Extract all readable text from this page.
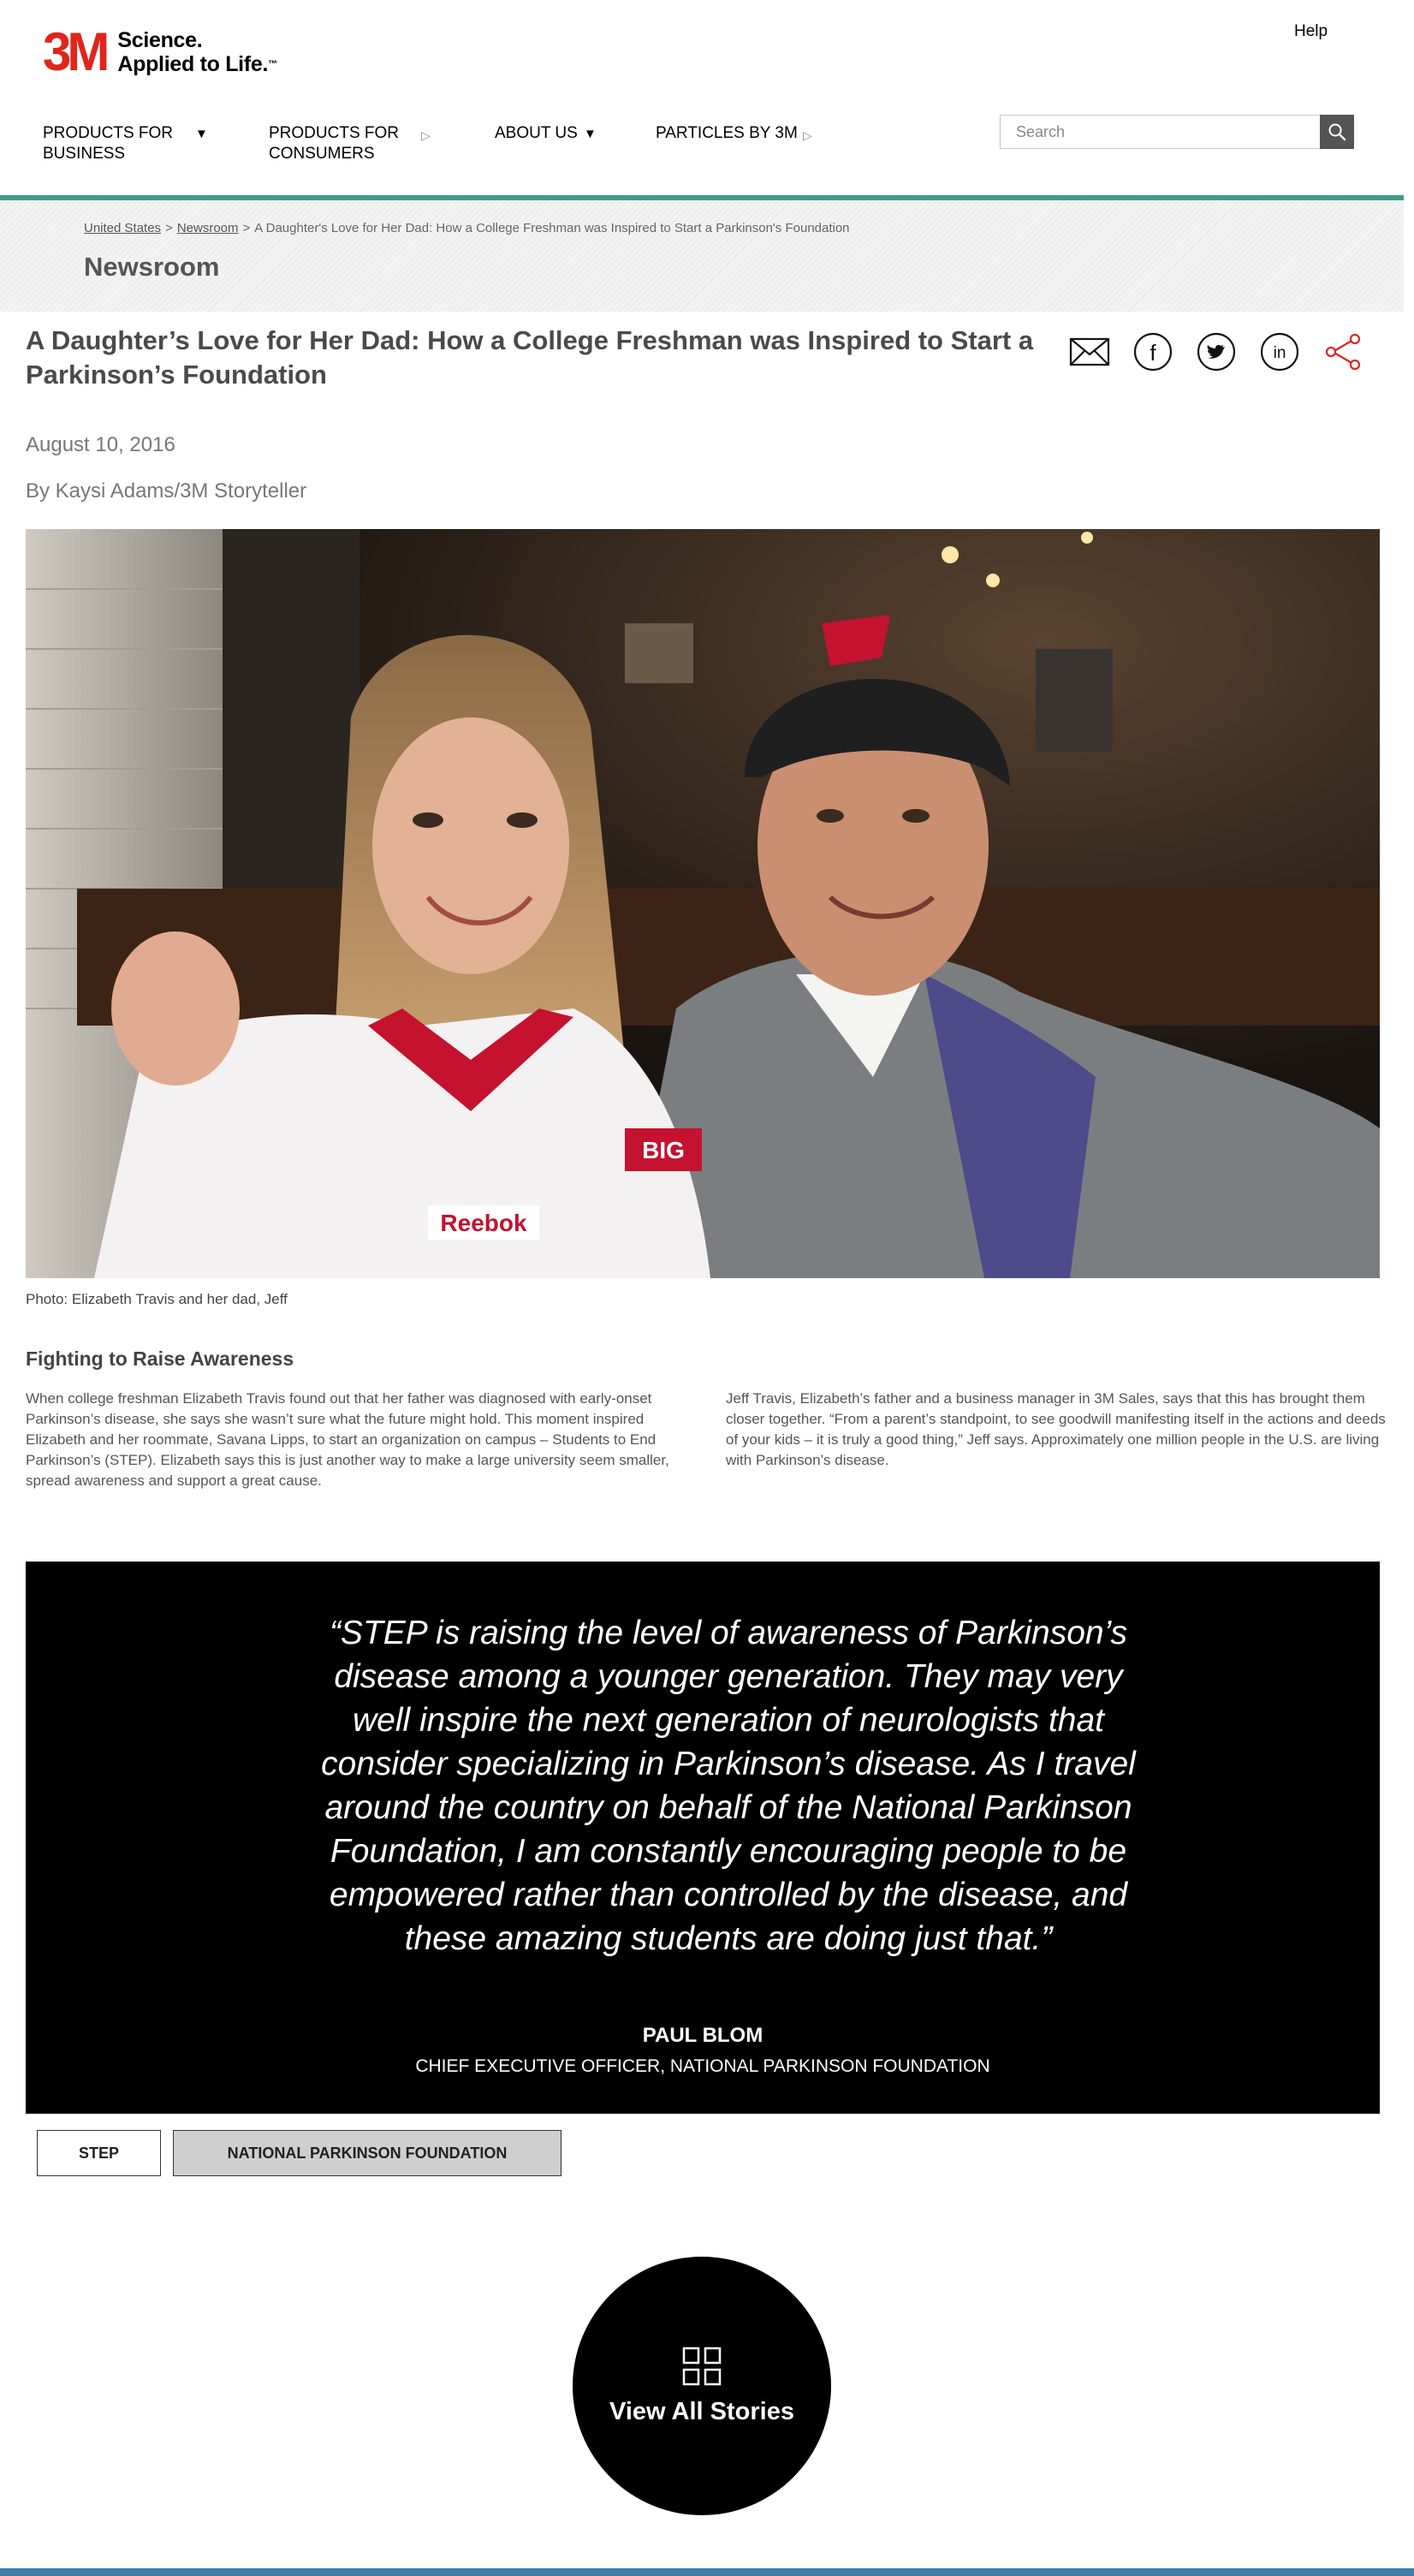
3M Science.
Applied to Life.™
Help
PRODUCTS FOR
BUSINESS
▼	PRODUCTS FOR
CONSUMERS
▷	ABOUT US ▼	PARTICLES BY 3M ▷
Search
United States > Newsroom > A Daughter's Love for Her Dad: How a College Freshman was Inspired to Start a Parkinson's Foundation
Newsroom
A Daughter’s Love for Her Dad: How a College Freshman was Inspired to Start a Parkinson’s Foundation
f	in
August 10, 2016
By Kaysi Adams/3M Storyteller
BIG
Reebok
Photo: Elizabeth Travis and her dad, Jeff
Fighting to Raise Awareness

When college freshman Elizabeth Travis found out that her father was diagnosed with early-onset Parkinson’s disease, she says she wasn’t sure what the future might hold. This moment inspired Elizabeth and her roommate, Savana Lipps, to start an organization on campus – Students to End Parkinson’s (STEP). Elizabeth says this is just another way to make a large university seem smaller, spread awareness and support a great cause.

Jeff Travis, Elizabeth’s father and a business manager in 3M Sales, says that this has brought them closer together. “From a parent’s standpoint, to see goodwill manifesting itself in the actions and deeds of your kids – it is truly a good thing,” Jeff says. Approximately one million people in the U.S. are living with Parkinson’s disease.

“STEP is raising the level of awareness of Parkinson’s disease among a younger generation. They may very well inspire the next generation of neurologists that consider specializing in Parkinson’s disease. As I travel around the country on behalf of the National Parkinson Foundation, I am constantly encouraging people to be empowered rather than controlled by the disease, and these amazing students are doing just that.”

PAUL BLOM
CHIEF EXECUTIVE OFFICER, NATIONAL PARKINSON FOUNDATION
STEP	NATIONAL PARKINSON FOUNDATION
View All Stories
